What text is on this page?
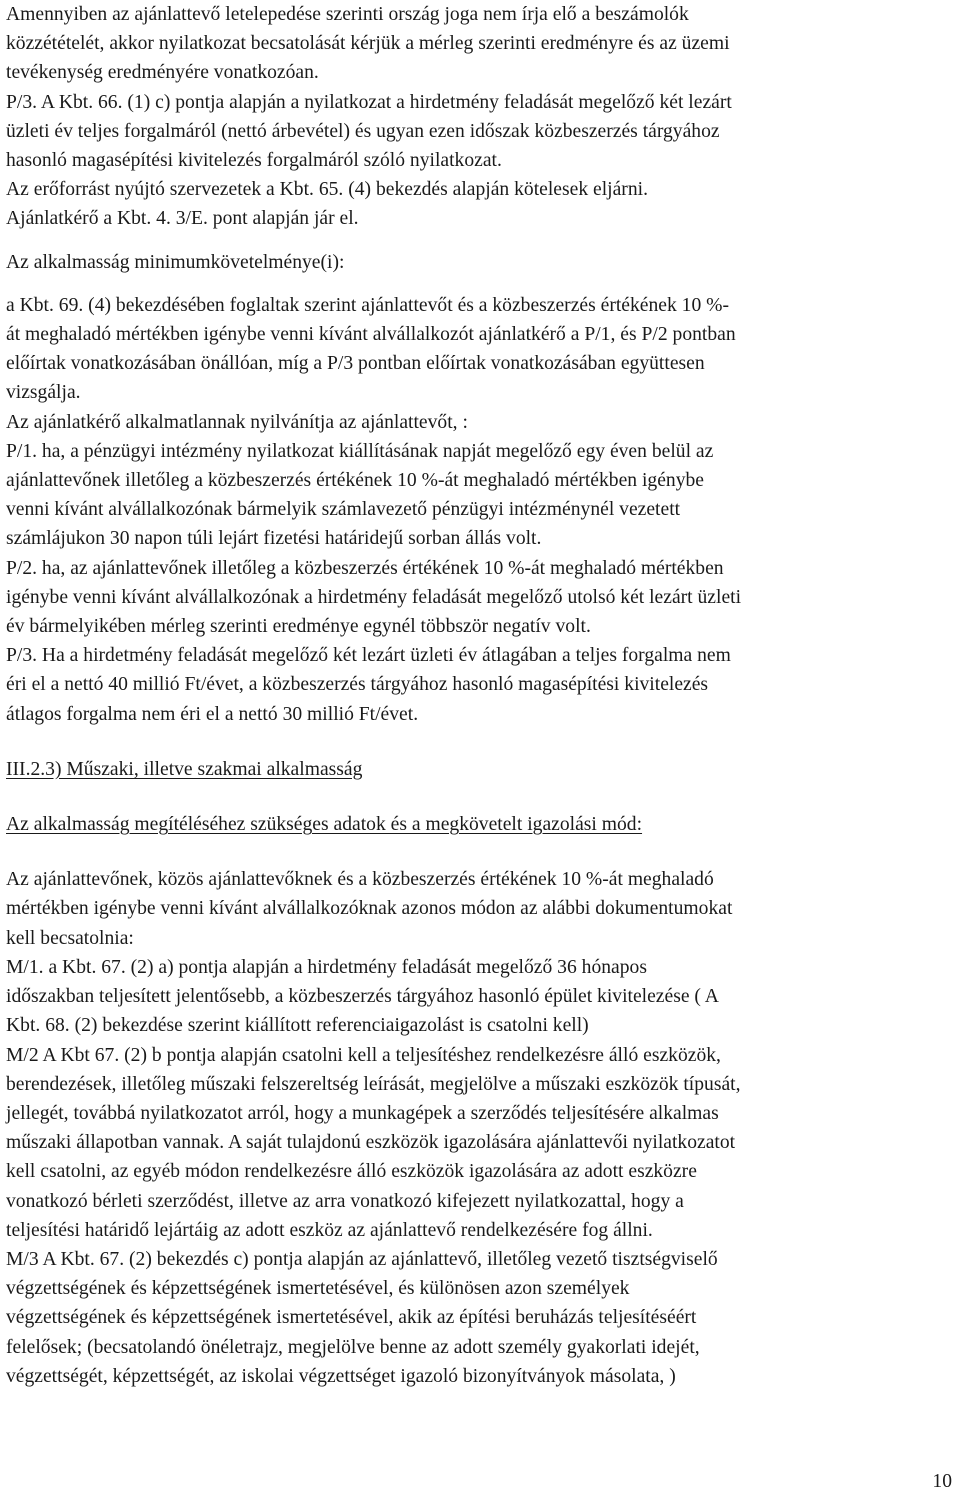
Amennyiben az ajánlattevő letelepedése szerinti ország joga nem írja elő a beszámolók

közzétételét, akkor nyilatkozat becsatolását kérjük a mérleg szerinti eredményre és az üzemi

tevékenység eredményére vonatkozóan.

P/3. A Kbt. 66. (1) c) pontja alapján a nyilatkozat a hirdetmény feladását megelőző két lezárt

üzleti év teljes forgalmáról (nettó árbevétel) és ugyan ezen időszak közbeszerzés tárgyához

hasonló magasépítési kivitelezés forgalmáról szóló nyilatkozat.

Az erőforrást nyújtó szervezetek a Kbt. 65. (4) bekezdés alapján kötelesek eljárni.

Ajánlatkérő a Kbt. 4. 3/E. pont alapján jár el.

Az alkalmasság minimumkövetelménye(i):

a Kbt. 69. (4) bekezdésében foglaltak szerint ajánlattevőt és a közbeszerzés értékének 10 %-

át meghaladó mértékben igénybe venni kívánt alvállalkozót ajánlatkérő a P/1, és P/2 pontban

előírtak vonatkozásában önállóan, míg a P/3 pontban előírtak vonatkozásában együttesen

vizsgálja.

Az ajánlatkérő alkalmatlannak nyilvánítja az ajánlattevőt, :

P/1. ha, a pénzügyi intézmény nyilatkozat kiállításának napját megelőző egy éven belül az

ajánlattevőnek illetőleg a közbeszerzés értékének 10 %-át meghaladó mértékben igénybe

venni kívánt alvállalkozónak bármelyik számlavezető pénzügyi intézménynél vezetett

számlájukon 30 napon túli lejárt fizetési határidejű sorban állás volt.

P/2. ha, az ajánlattevőnek illetőleg a közbeszerzés értékének 10 %-át meghaladó mértékben

igénybe venni kívánt alvállalkozónak a hirdetmény feladását megelőző utolsó két lezárt üzleti

év bármelyikében mérleg szerinti eredménye egynél többször negatív volt.

P/3. Ha a hirdetmény feladását megelőző két lezárt üzleti év átlagában a teljes forgalma nem

éri el a nettó 40 millió Ft/évet, a közbeszerzés tárgyához hasonló magasépítési kivitelezés

átlagos forgalma nem éri el a nettó 30 millió Ft/évet.

III.2.3) Műszaki, illetve szakmai alkalmasság

Az alkalmasság megítéléséhez szükséges adatok és a megkövetelt igazolási mód:

Az ajánlattevőnek, közös ajánlattevőknek és a közbeszerzés értékének 10 %-át meghaladó

mértékben igénybe venni kívánt alvállalkozóknak azonos módon az alábbi dokumentumokat

kell becsatolnia:

M/1. a Kbt. 67. (2) a) pontja alapján a hirdetmény feladását megelőző 36 hónapos

időszakban teljesített jelentősebb, a közbeszerzés tárgyához hasonló épület kivitelezése ( A

Kbt. 68. (2) bekezdése szerint kiállított referenciaigazolást is csatolni kell)

M/2 A Kbt 67. (2) b pontja alapján csatolni kell a teljesítéshez rendelkezésre álló eszközök,

berendezések, illetőleg műszaki felszereltség leírását, megjelölve a műszaki eszközök típusát,

jellegét, továbbá nyilatkozatot arról, hogy a munkagépek a szerződés teljesítésére alkalmas

műszaki állapotban vannak. A saját tulajdonú eszközök igazolására ajánlattevői nyilatkozatot

kell csatolni, az egyéb módon rendelkezésre álló eszközök igazolására az adott eszközre

vonatkozó bérleti szerződést, illetve az arra vonatkozó kifejezett nyilatkozattal, hogy a

teljesítési határidő lejártáig az adott eszköz az ajánlattevő rendelkezésére fog állni.

M/3 A Kbt. 67. (2) bekezdés c) pontja alapján az ajánlattevő, illetőleg vezető tisztségviselő

végzettségének és képzettségének ismertetésével, és különösen azon személyek

végzettségének és képzettségének ismertetésével, akik az építési beruházás teljesítéséért

felelősek; (becsatolandó önéletrajz, megjelölve benne az adott személy gyakorlati idejét,

végzettségét, képzettségét, az iskolai végzettséget igazoló bizonyítványok másolata, )

10
